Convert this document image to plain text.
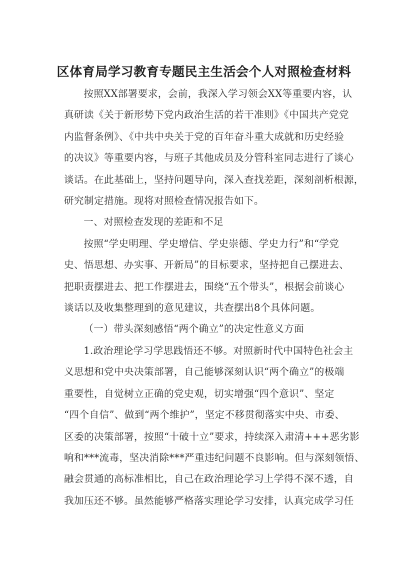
区体育局学习教育专题民主生活会个人对照检查材料

按照XX部署要求，会前，我深入学习领会XX等重要内容，认
真研读《关于新形势下党内政治生活的若干准则》《中国共产党党
内监督条例》、《中共中央关于党的百年奋斗重大成就和历史经验
的决议》等重要内容，与班子其他成员及分管科室同志进行了谈心
谈话。在此基础上，坚持问题导向，深入查找差距，深刻剖析根源，
研究制定措施。现将对照检查情况报告如下。

一、对照检查发现的差距和不足

按照“学史明理、学史增信、学史崇德、学史力行”和“学党
史、悟思想、办实事、开新局”的目标要求，坚持把自己摆进去、
把职责摆进去、把工作摆进去，围绕“五个带头”，根据会前谈心
谈话以及收集整理到的意见建议，共查摆出8个具体问题。

（一）带头深刻感悟“两个确立”的决定性意义方面

1.政治理论学习学思践悟还不够。对照新时代中国特色社会主
义思想和党中央决策部署，自己能够深刻认识“两个确立”的极端
重要性，自觉树立正确的党史观，切实增强“四个意识”、坚定
“四个自信”、做到“两个维护”，坚定不移贯彻落实中央、市委、
区委的决策部署，按照“十破十立”要求，持续深入肃清+++恶劣影
响和***流毒，坚决消除***严重违纪问题不良影响。但与深刻领悟、
融会贯通的高标准相比，自己在政治理论学习上学得不深不透，自
我加压还不够。虽然能够严格落实理论学习安排，认真完成学习任
